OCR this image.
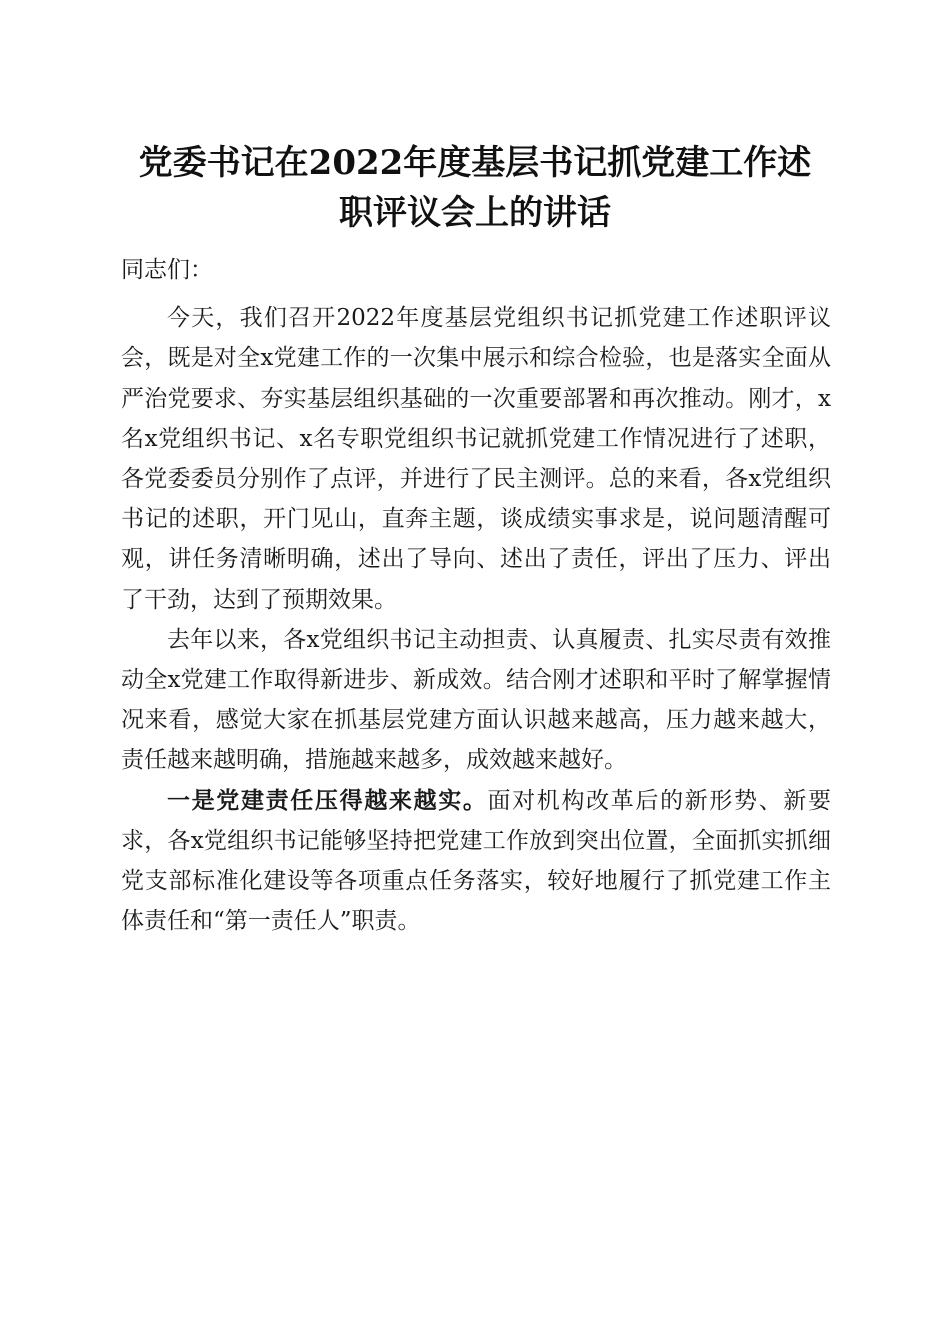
党委书记在2022年度基层书记抓党建工作述
职评议会上的讲话

同志们：

今天，我们召开2022年度基层党组织书记抓党建工作述职评议会，既是对全x党建工作的一次集中展示和综合检验，也是落实全面从严治党要求、夯实基层组织基础的一次重要部署和再次推动。刚才，x名x党组织书记、x名专职党组织书记就抓党建工作情况进行了述职，各党委委员分别作了点评，并进行了民主测评。总的来看，各x党组织书记的述职，开门见山，直奔主题，谈成绩实事求是，说问题清醒可观，讲任务清晰明确，述出了导向、述出了责任，评出了压力、评出了干劲，达到了预期效果。

去年以来，各x党组织书记主动担责、认真履责、扎实尽责有效推动全x党建工作取得新进步、新成效。结合刚才述职和平时了解掌握情况来看，感觉大家在抓基层党建方面认识越来越高，压力越来越大，责任越来越明确，措施越来越多，成效越来越好。

一是党建责任压得越来越实。面对机构改革后的新形势、新要求，各x党组织书记能够坚持把党建工作放到突出位置，全面抓实抓细党支部标准化建设等各项重点任务落实，较好地履行了抓党建工作主体责任和“第一责任人”职责。
